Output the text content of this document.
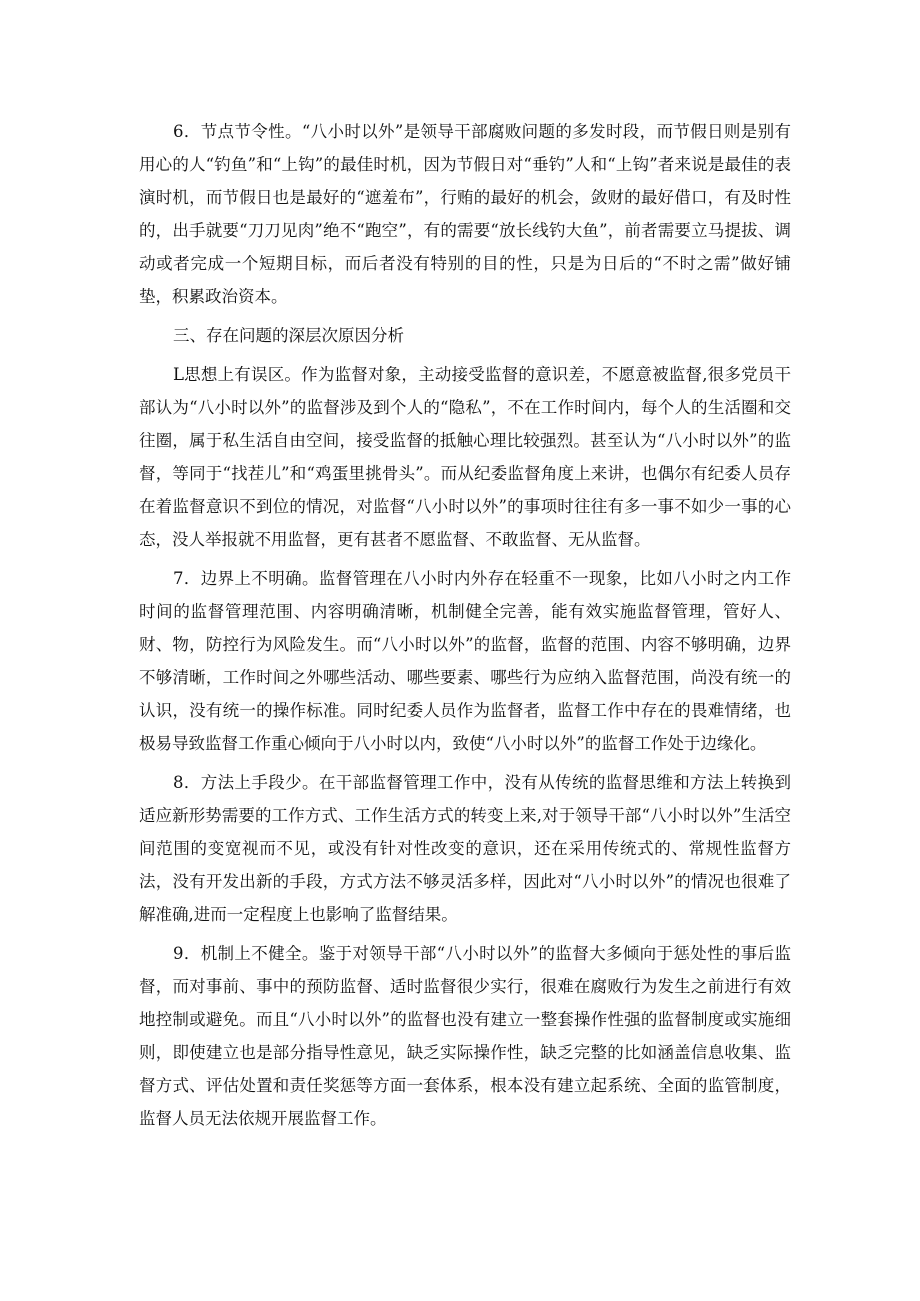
6．节点节令性。“八小时以外”是领导干部腐败问题的多发时段，而节假日则是别有用心的人“钓鱼”和“上钩”的最佳时机，因为节假日对“垂钓”人和“上钩”者来说是最佳的表演时机，而节假日也是最好的“遮羞布”，行贿的最好的机会，敛财的最好借口，有及时性的，出手就要“刀刀见肉”绝不“跑空”，有的需要“放长线钓大鱼”，前者需要立马提拔、调动或者完成一个短期目标，而后者没有特别的目的性，只是为日后的“不时之需”做好铺垫，积累政治资本。

三、存在问题的深层次原因分析

L思想上有误区。作为监督对象，主动接受监督的意识差，不愿意被监督,很多党员干部认为“八小时以外”的监督涉及到个人的“隐私”，不在工作时间内，每个人的生活圈和交往圈，属于私生活自由空间，接受监督的抵触心理比较强烈。甚至认为“八小时以外”的监督，等同于“找茬儿”和“鸡蛋里挑骨头”。而从纪委监督角度上来讲，也偶尔有纪委人员存在着监督意识不到位的情况，对监督“八小时以外”的事项时往往有多一事不如少一事的心态，没人举报就不用监督，更有甚者不愿监督、不敢监督、无从监督。

7．边界上不明确。监督管理在八小时内外存在轻重不一现象，比如八小时之内工作时间的监督管理范围、内容明确清晰，机制健全完善，能有效实施监督管理，管好人、财、物，防控行为风险发生。而“八小时以外”的监督，监督的范围、内容不够明确，边界不够清晰，工作时间之外哪些活动、哪些要素、哪些行为应纳入监督范围，尚没有统一的认识，没有统一的操作标准。同时纪委人员作为监督者，监督工作中存在的畏难情绪，也极易导致监督工作重心倾向于八小时以内，致使“八小时以外”的监督工作处于边缘化。

8．方法上手段少。在干部监督管理工作中，没有从传统的监督思维和方法上转换到适应新形势需要的工作方式、工作生活方式的转变上来,对于领导干部“八小时以外”生活空间范围的变宽视而不见，或没有针对性改变的意识，还在采用传统式的、常规性监督方法，没有开发出新的手段，方式方法不够灵活多样，因此对“八小时以外”的情况也很难了解准确,进而一定程度上也影响了监督结果。

9．机制上不健全。鉴于对领导干部“八小时以外”的监督大多倾向于惩处性的事后监督，而对事前、事中的预防监督、适时监督很少实行，很难在腐败行为发生之前进行有效地控制或避免。而且“八小时以外”的监督也没有建立一整套操作性强的监督制度或实施细则，即使建立也是部分指导性意见，缺乏实际操作性，缺乏完整的比如涵盖信息收集、监督方式、评估处置和责任奖惩等方面一套体系，根本没有建立起系统、全面的监管制度，监督人员无法依规开展监督工作。
